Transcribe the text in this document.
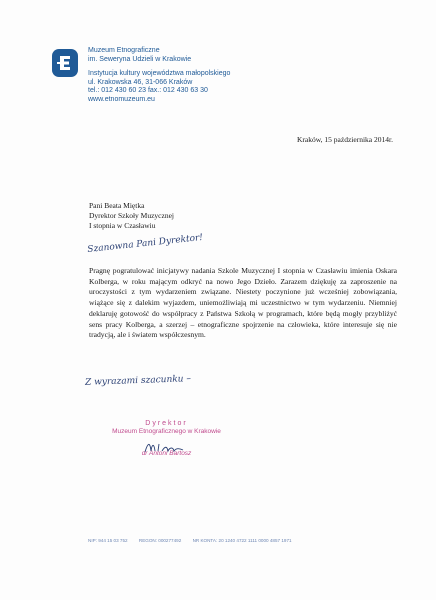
Muzeum Etnograficzne
im. Seweryna Udzieli w Krakowie
Instytucja kultury województwa małopolskiego
ul. Krakowska 46, 31-066 Kraków
tel.: 012 430 60 23 fax.: 012 430 63 30
www.etnomuzeum.eu
Kraków, 15 października 2014r.
Pani Beata Miętka
Dyrektor Szkoły Muzycznej
I stopnia w Czasławiu
Szanowna Pani Dyrektor!
Pragnę pogratulować inicjatywy nadania Szkole Muzycznej I stopnia w Czasławiu imienia Oskara Kolberga, w roku mającym odkryć na nowo Jego Dzieło. Zarazem dziękuję za zaproszenie na uroczystości z tym wydarzeniem związane. Niestety poczynione już wcześniej zobowiązania, wiążące się z dalekim wyjazdem, uniemożliwiają mi uczestnictwo w tym wydarzeniu. Niemniej deklaruję gotowość do współpracy z Państwa Szkołą w programach, które będą mogły przybliżyć sens pracy Kolberga, a szerzej – etnograficzne spojrzenie na człowieka, które interesuje się nie tradycją, ale i światem współczesnym.
Z wyrazami szacunku –
Dyrektor
Muzeum Etnograficznego w Krakowie
dr Antoni Bartosz
NIP: 944 15 03 752 REGON: 000277492 NR KONTA: 20 1240 4722 1111 0000 4857 1971
